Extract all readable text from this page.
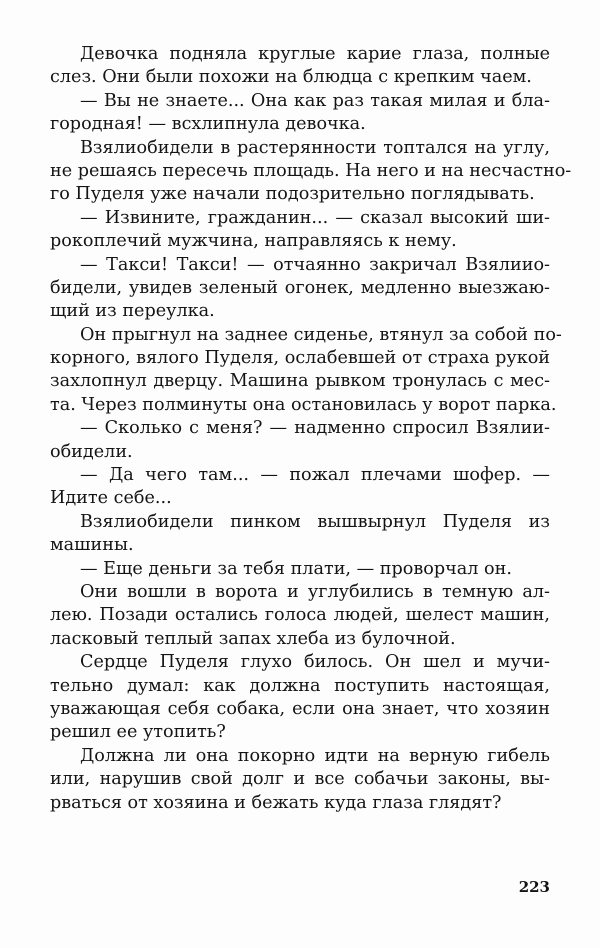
Девочка подняла круглые карие глаза, полные
слез. Они были похожи на блюдца с крепким чаем.
— Вы не знаете... Она как раз такая милая и бла-
городная! — всхлипнула девочка.
Взялиобидели в растерянности топтался на углу,
не решаясь пересечь площадь. На него и на несчастно-
го Пуделя уже начали подозрительно поглядывать.
— Извините, гражданин... — сказал высокий ши-
рокоплечий мужчина, направляясь к нему.
— Такси! Такси! — отчаянно закричал Взялиио-
бидели, увидев зеленый огонек, медленно выезжаю-
щий из переулка.
Он прыгнул на заднее сиденье, втянул за собой по-
корного, вялого Пуделя, ослабевшей от страха рукой
захлопнул дверцу. Машина рывком тронулась с мес-
та. Через полминуты она остановилась у ворот парка.
— Сколько с меня? — надменно спросил Взялии-
обидели.
— Да чего там... — пожал плечами шофер. —
Идите себе...
Взялиобидели пинком вышвырнул Пуделя из
машины.
— Еще деньги за тебя плати, — проворчал он.
Они вошли в ворота и углубились в темную ал-
лею. Позади остались голоса людей, шелест машин,
ласковый теплый запах хлеба из булочной.
Сердце Пуделя глухо билось. Он шел и мучи-
тельно думал: как должна поступить настоящая,
уважающая себя собака, если она знает, что хозяин
решил ее утопить?
Должна ли она покорно идти на верную гибель
или, нарушив свой долг и все собачьи законы, вы-
рваться от хозяина и бежать куда глаза глядят?
223
